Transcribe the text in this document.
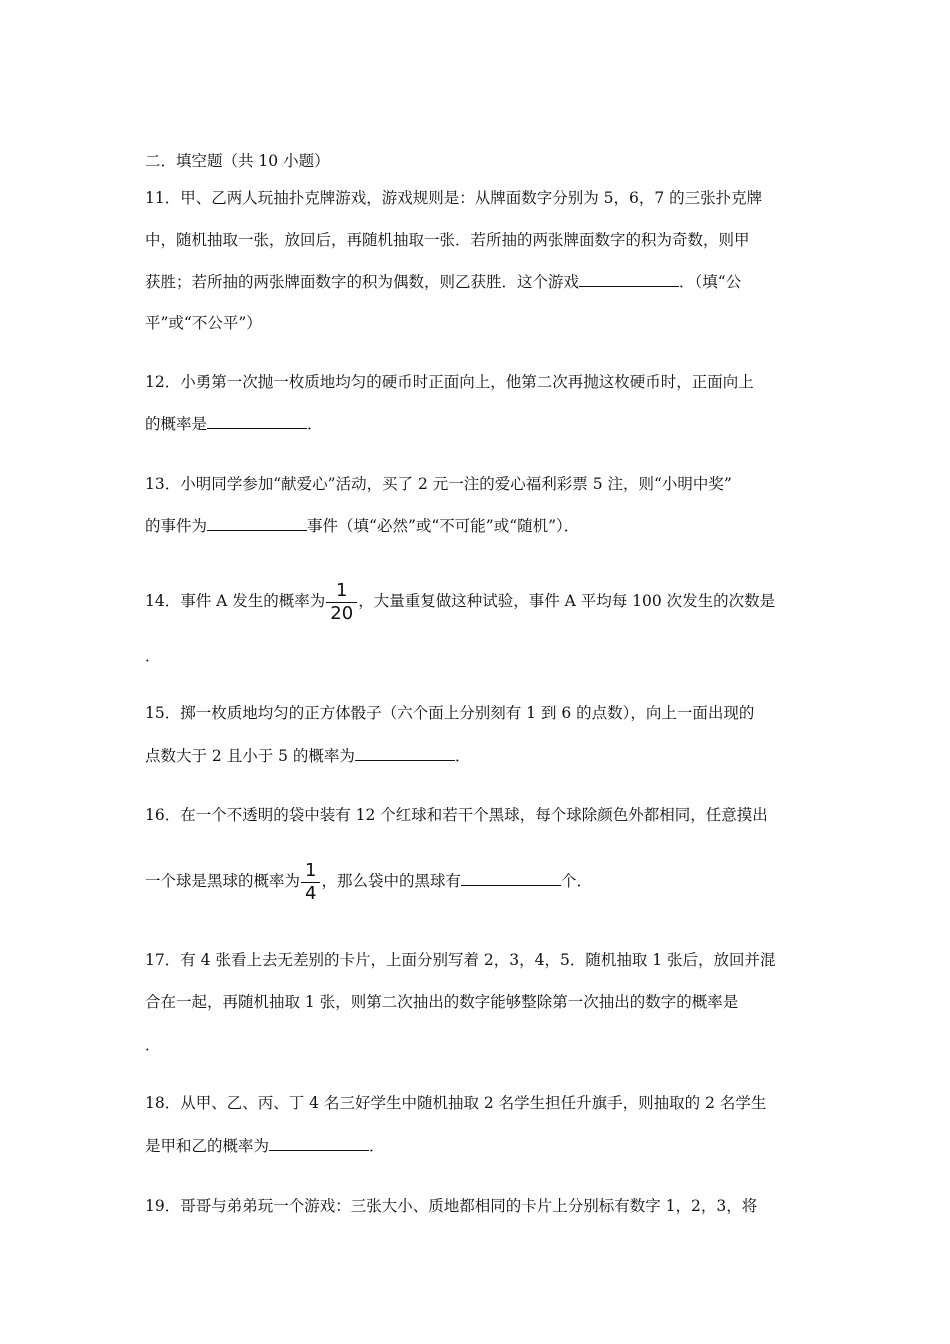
二．填空题（共 10 小题）
11．甲、乙两人玩抽扑克牌游戏，游戏规则是：从牌面数字分别为 5，6，7 的三张扑克牌
中，随机抽取一张，放回后，再随机抽取一张．若所抽的两张牌面数字的积为奇数，则甲
获胜；若所抽的两张牌面数字的积为偶数，则乙获胜．这个游戏	．（填“公
平”或“不公平”）
12．小勇第一次抛一枚质地均匀的硬币时正面向上，他第二次再抛这枚硬币时，正面向上
的概率是	．
13．小明同学参加“献爱心”活动，买了 2 元一注的爱心福利彩票 5 注，则“小明中奖”
的事件为	事件（填“必然”或“不可能”或“随机”）．
14．事件 A 发生的概率为 $\frac{1}{20}$ ，大量重复做这种试验，事件 A 平均每 100 次发生的次数是
．
15．掷一枚质地均匀的正方体骰子（六个面上分别刻有 1 到 6 的点数），向上一面出现的
点数大于 2 且小于 5 的概率为	．
16．在一个不透明的袋中装有 12 个红球和若干个黑球，每个球除颜色外都相同，任意摸出
一个球是黑球的概率为 $\frac{1}{4}$ ，那么袋中的黑球有	个．
17．有 4 张看上去无差别的卡片，上面分别写着 2，3，4，5．随机抽取 1 张后，放回并混
合在一起，再随机抽取 1 张，则第二次抽出的数字能够整除第一次抽出的数字的概率是
．
18．从甲、乙、丙、丁 4 名三好学生中随机抽取 2 名学生担任升旗手，则抽取的 2 名学生
是甲和乙的概率为	．
19．哥哥与弟弟玩一个游戏：三张大小、质地都相同的卡片上分别标有数字 1，2，3，将
